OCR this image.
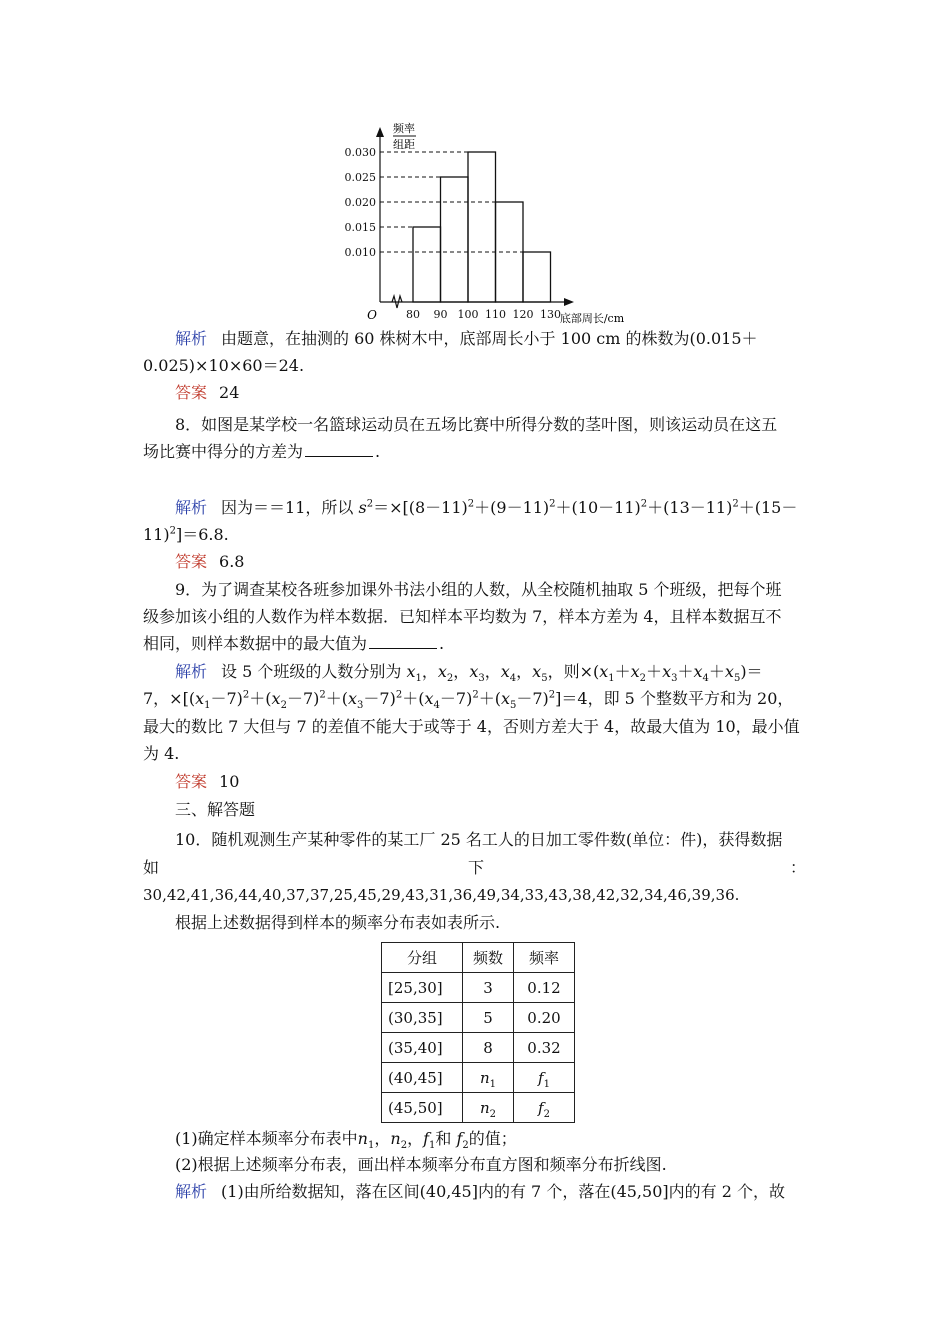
0.010
0.015
0.020
0.025
0.030
80 90 100 110 120 130
频率
组距
O	底部周长/cm
解析 由题意，在抽测的 60 株树木中，底部周长小于 100 cm 的株数为(0.015＋
0.025)×10×60＝24.
答案 24
8．如图是某学校一名篮球运动员在五场比赛中所得分数的茎叶图，则该运动员在这五
场比赛中得分的方差为	.
解析 因为＝＝11，所以 $s^2=\times[(8-11)^2+(9-11)^2+(10-11)^2+(13-11)^2+(15-$
11)$^2$]＝6.8.
答案 6.8
9．为了调查某校各班参加课外书法小组的人数，从全校随机抽取 5 个班级，把每个班
级参加该小组的人数作为样本数据．已知样本平均数为 7，样本方差为 4，且样本数据互不
相同，则样本数据中的最大值为	.
解析 设 5 个班级的人数分别为 $x_1$，$x_2$，$x_3$，$x_4$，$x_5$，则$\times(x_1+x_2+x_3+x_4+x_5)=$
7，$\times[(x_1-7)^2+(x_2-7)^2+(x_3-7)^2+(x_4-7)^2+(x_5-7)^2]=4$，即 5 个整数平方和为 20，
最大的数比 7 大但与 7 的差值不能大于或等于 4，否则方差大于 4，故最大值为 10，最小值
为 4.
答案 10
三、解答题
10．随机观测生产某种零件的某工厂 25 名工人的日加工零件数(单位：件)，获得数据
如	下	：
30,42,41,36,44,40,37,37,25,45,29,43,31,36,49,34,33,43,38,42,32,34,46,39,36.
根据上述数据得到样本的频率分布表如表所示.
分组	频数	频率
[25,30]	3	0.12
(30,35]	5	0.20
(35,40]	8	0.32
(40,45]	$n_1$	$f_1$
(45,50]	$n_2$	$f_2$
(1)确定样本频率分布表中$n_1$，$n_2$，$f_1$和 $f_2$的值；
(2)根据上述频率分布表，画出样本频率分布直方图和频率分布折线图.
解析 (1)由所给数据知，落在区间(40,45]内的有 7 个，落在(45,50]内的有 2 个，故
